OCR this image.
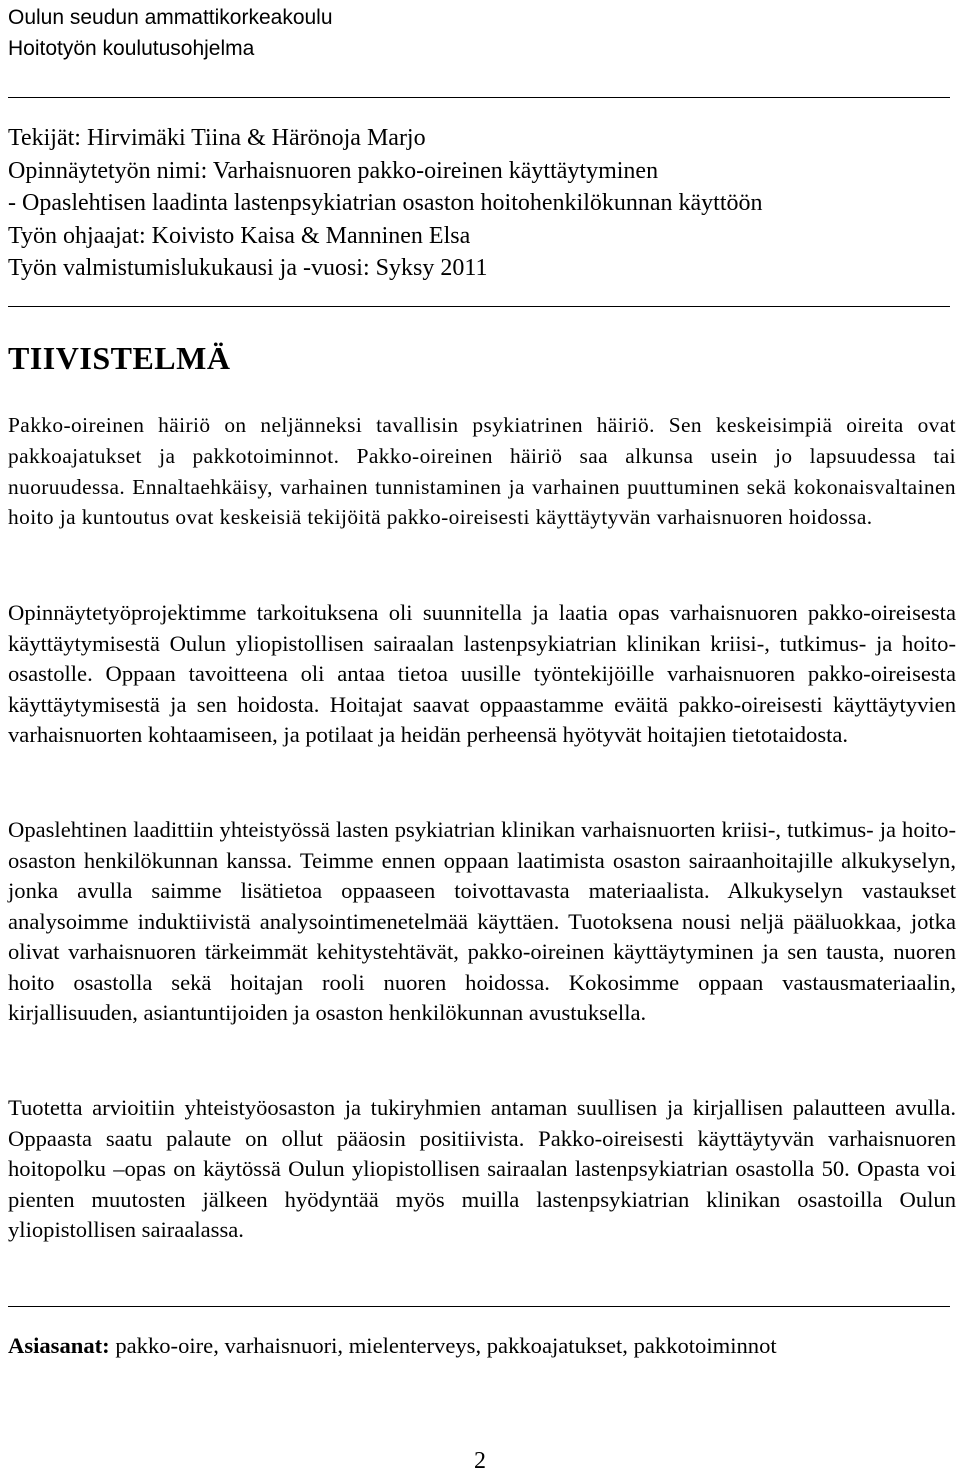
Oulun seudun ammattikorkeakoulu
Hoitotyön koulutusohjelma
Tekijät: Hirvimäki Tiina & Härönoja Marjo
Opinnäytetyön nimi: Varhaisnuoren pakko-oireinen käyttäytyminen
- Opaslehtisen laadinta lastenpsykiatrian osaston hoitohenkilökunnan käyttöön
Työn ohjaajat: Koivisto Kaisa & Manninen Elsa
Työn valmistumislukukausi ja -vuosi: Syksy 2011
TIIVISTELMÄ
Pakko-oireinen häiriö on neljänneksi tavallisin psykiatrinen häiriö. Sen keskeisimpiä oireita ovat pakkoajatukset ja pakkotoiminnot. Pakko-oireinen häiriö saa alkunsa usein jo lapsuudessa tai nuoruudessa. Ennaltaehkäisy, varhainen tunnistaminen ja varhainen puuttuminen sekä kokonaisvaltainen hoito ja kuntoutus ovat keskeisiä tekijöitä pakko-oireisesti käyttäytyvän varhaisnuoren hoidossa.
Opinnäytetyöprojektimme tarkoituksena oli suunnitella ja laatia opas varhaisnuoren pakko-oireisesta käyttäytymisestä Oulun yliopistollisen sairaalan lastenpsykiatrian klinikan kriisi-, tutkimus- ja hoito-osastolle. Oppaan tavoitteena oli antaa tietoa uusille työntekijöille varhaisnuoren pakko-oireisesta käyttäytymisestä ja sen hoidosta. Hoitajat saavat oppaastamme eväitä pakko-oireisesti käyttäytyvien varhaisnuorten kohtaamiseen, ja potilaat ja heidän perheensä hyötyvät hoitajien tietotaidosta.
Opaslehtinen laadittiin yhteistyössä lasten psykiatrian klinikan varhaisnuorten kriisi-, tutkimus- ja hoito-osaston henkilökunnan kanssa. Teimme ennen oppaan laatimista osaston sairaanhoitajille alkukyselyn, jonka avulla saimme lisätietoa oppaaseen toivottavasta materiaalista. Alkukyselyn vastaukset analysoimme induktiivistä analysointimenetelmää käyttäen. Tuotoksena nousi neljä pääluokkaa, jotka olivat varhaisnuoren tärkeimmät kehitystehtävät, pakko-oireinen käyttäytyminen ja sen tausta, nuoren hoito osastolla sekä hoitajan rooli nuoren hoidossa. Kokosimme oppaan vastausmateriaalin, kirjallisuuden, asiantuntijoiden ja osaston henkilökunnan avustuksella.
Tuotetta arvioitiin yhteistyöosaston ja tukiryhmien antaman suullisen ja kirjallisen palautteen avulla. Oppaasta saatu palaute on ollut pääosin positiivista. Pakko-oireisesti käyttäytyvän varhaisnuoren hoitopolku –opas on käytössä Oulun yliopistollisen sairaalan lastenpsykiatrian osastolla 50. Opasta voi pienten muutosten jälkeen hyödyntää myös muilla lastenpsykiatrian klinikan osastoilla Oulun yliopistollisen sairaalassa.
Asiasanat: pakko-oire, varhaisnuori, mielenterveys, pakkoajatukset, pakkotoiminnot
2
